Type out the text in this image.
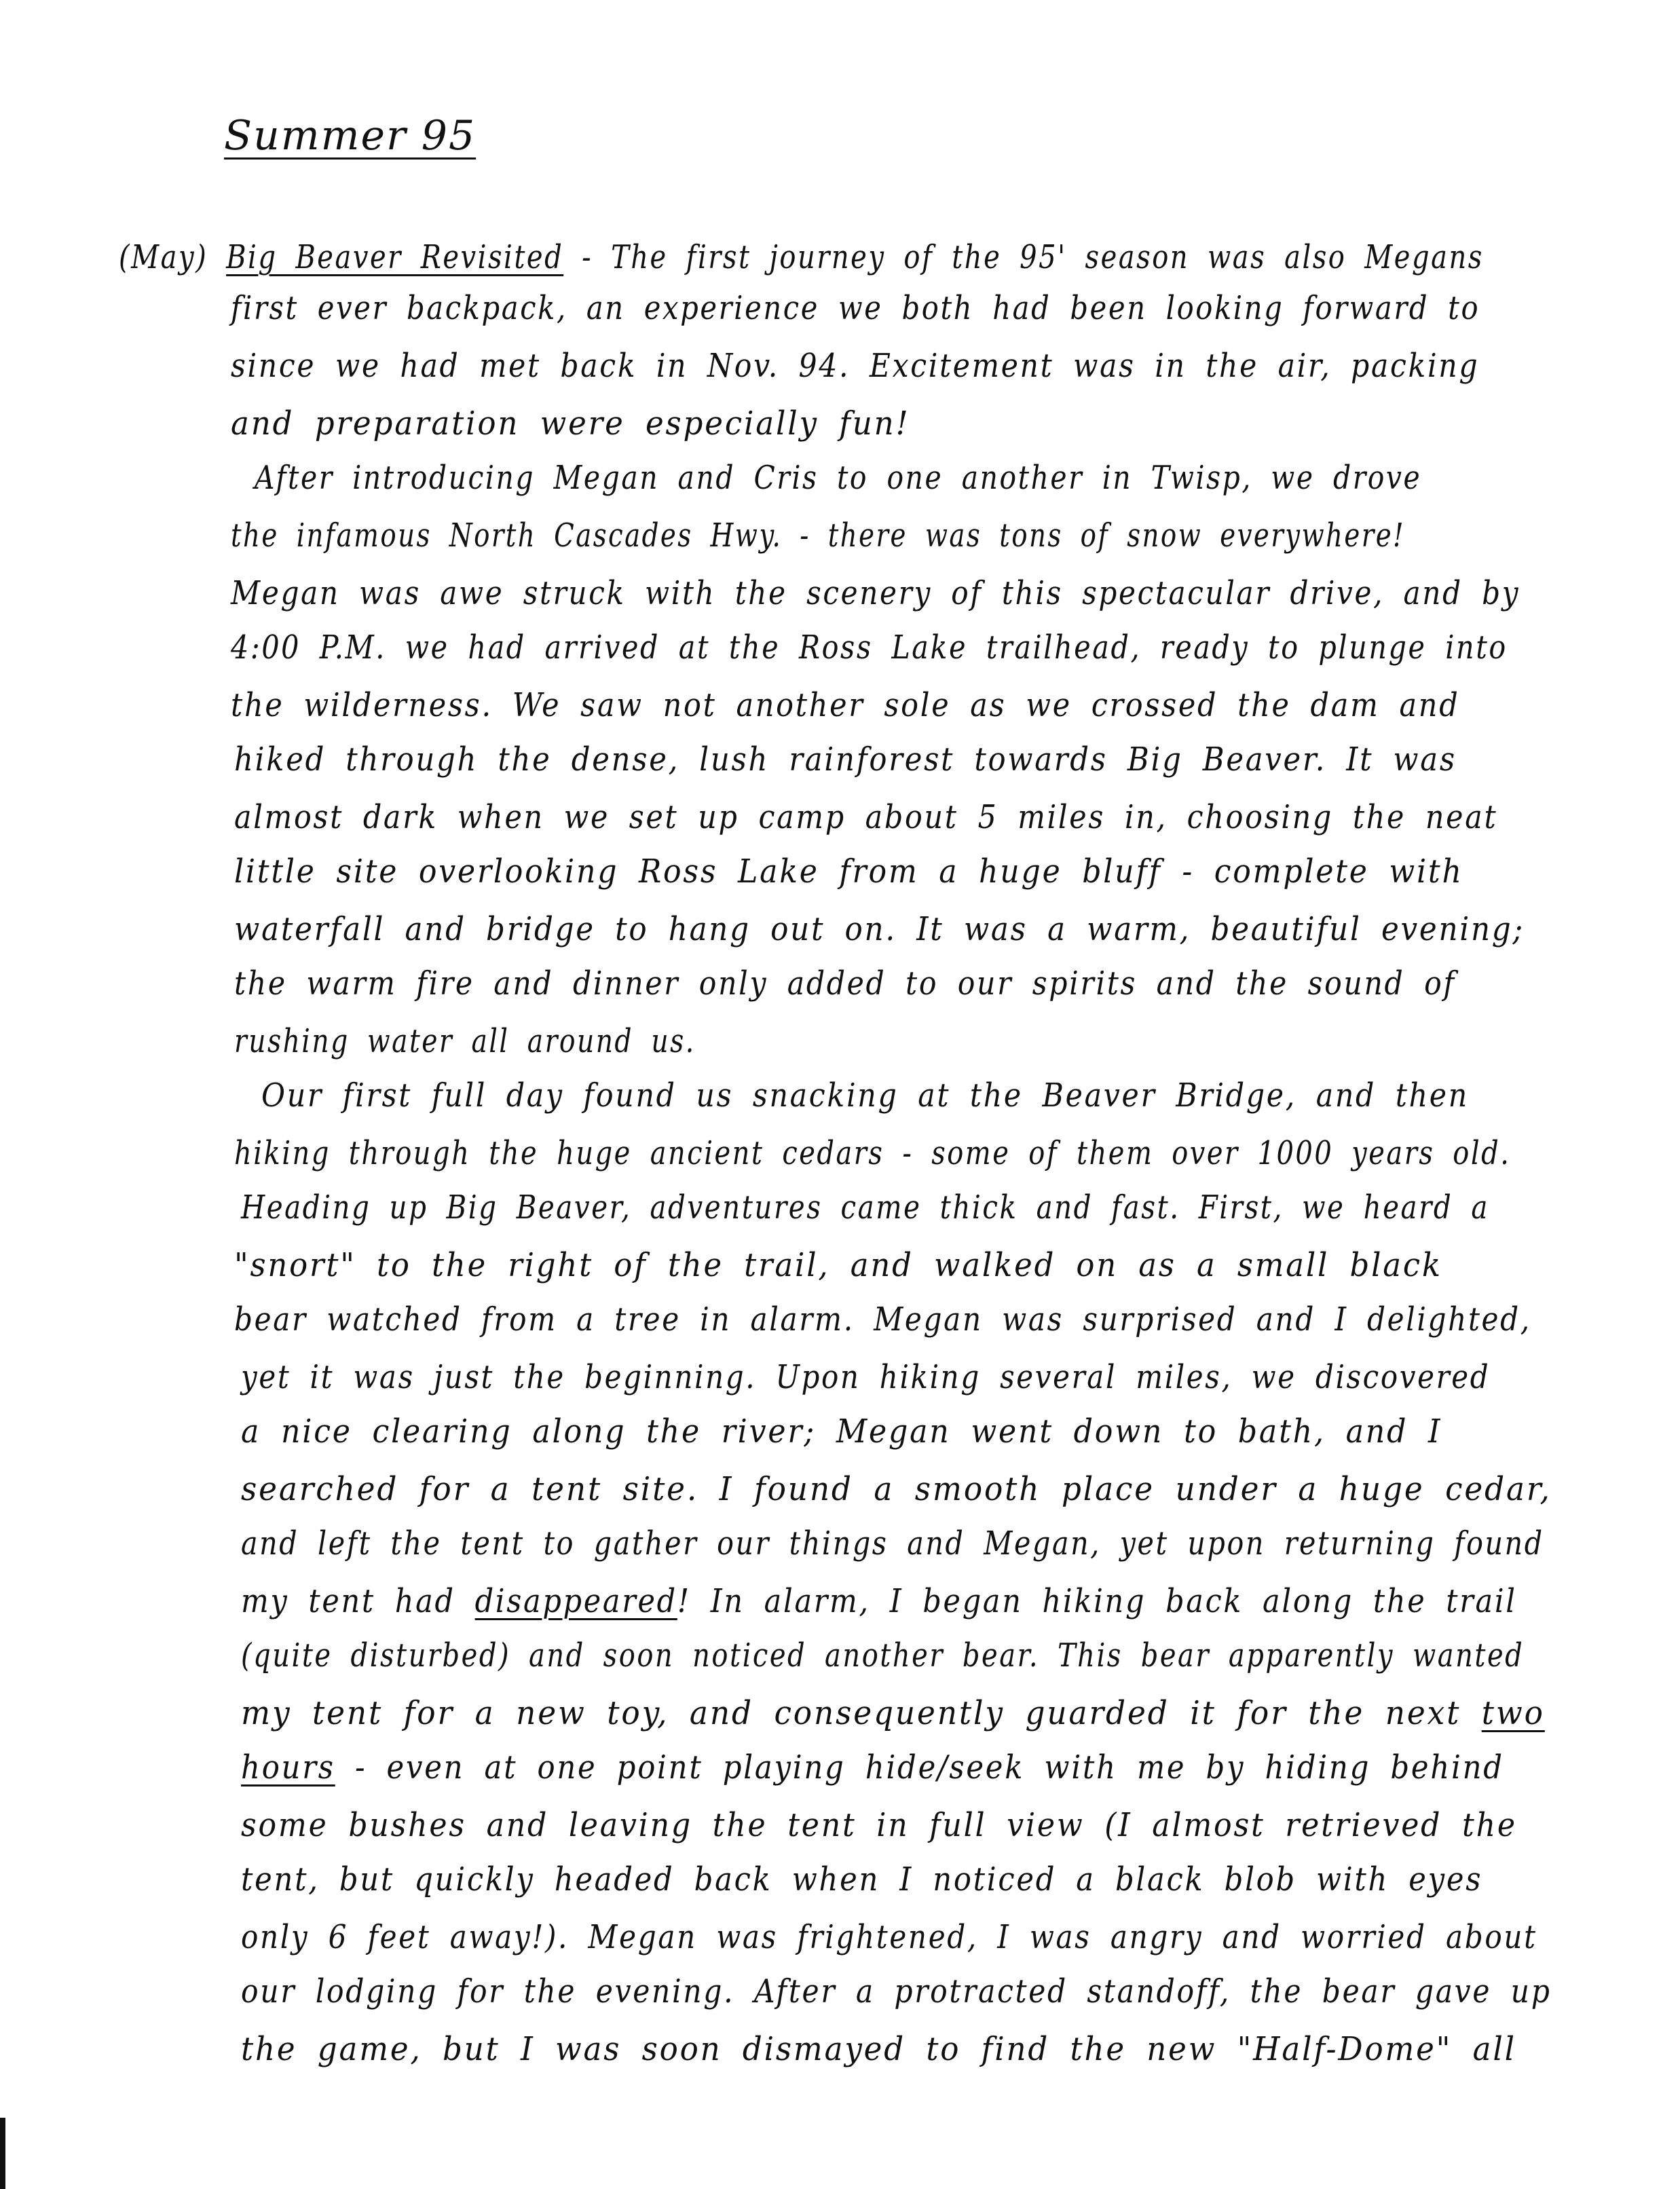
Summer 95
(May) Big Beaver Revisited - The first journey of the 95' season was also Megans
first ever backpack, an experience we both had been looking forward to
since we had met back in Nov. 94. Excitement was in the air, packing
and preparation were especially fun!
After introducing Megan and Cris to one another in Twisp, we drove
the infamous North Cascades Hwy. - there was tons of snow everywhere!
Megan was awe struck with the scenery of this spectacular drive, and by
4:00 P.M. we had arrived at the Ross Lake trailhead, ready to plunge into
the wilderness. We saw not another sole as we crossed the dam and
hiked through the dense, lush rainforest towards Big Beaver. It was
almost dark when we set up camp about 5 miles in, choosing the neat
little site overlooking Ross Lake from a huge bluff - complete with
waterfall and bridge to hang out on. It was a warm, beautiful evening;
the warm fire and dinner only added to our spirits and the sound of
rushing water all around us.
Our first full day found us snacking at the Beaver Bridge, and then
hiking through the huge ancient cedars - some of them over 1000 years old.
Heading up Big Beaver, adventures came thick and fast. First, we heard a
"snort" to the right of the trail, and walked on as a small black
bear watched from a tree in alarm. Megan was surprised and I delighted,
yet it was just the beginning. Upon hiking several miles, we discovered
a nice clearing along the river; Megan went down to bath, and I
searched for a tent site. I found a smooth place under a huge cedar,
and left the tent to gather our things and Megan, yet upon returning found
my tent had disappeared! In alarm, I began hiking back along the trail
(quite disturbed) and soon noticed another bear. This bear apparently wanted
my tent for a new toy, and consequently guarded it for the next two
hours - even at one point playing hide/seek with me by hiding behind
some bushes and leaving the tent in full view (I almost retrieved the
tent, but quickly headed back when I noticed a black blob with eyes
only 6 feet away!). Megan was frightened, I was angry and worried about
our lodging for the evening. After a protracted standoff, the bear gave up
the game, but I was soon dismayed to find the new "Half-Dome" all
